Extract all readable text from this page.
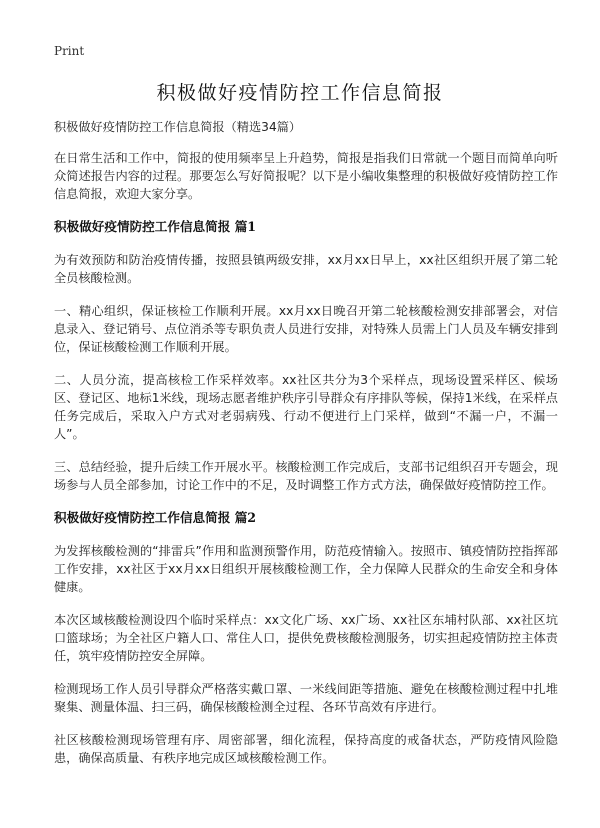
Print
积极做好疫情防控工作信息简报

积极做好疫情防控工作信息简报（精选34篇）

在日常生活和工作中，简报的使用频率呈上升趋势，简报是指我们日常就一个题目而简单向听众简述报告内容的过程。那要怎么写好简报呢？以下是小编收集整理的积极做好疫情防控工作信息简报，欢迎大家分享。

积极做好疫情防控工作信息简报 篇1

为有效预防和防治疫情传播，按照县镇两级安排，xx月xx日早上，xx社区组织开展了第二轮全员核酸检测。

一、精心组织，保证核检工作顺利开展。xx月xx日晚召开第二轮核酸检测安排部署会，对信息录入、登记销号、点位消杀等专职负责人员进行安排，对特殊人员需上门人员及车辆安排到位，保证核酸检测工作顺利开展。

二、人员分流，提高核检工作采样效率。xx社区共分为3个采样点，现场设置采样区、候场区、登记区、地标1米线，现场志愿者维护秩序引导群众有序排队等候，保持1米线，在采样点任务完成后，采取入户方式对老弱病残、行动不便进行上门采样，做到“不漏一户，不漏一人”。

三、总结经验，提升后续工作开展水平。核酸检测工作完成后，支部书记组织召开专题会，现场参与人员全部参加，讨论工作中的不足，及时调整工作方式方法，确保做好疫情防控工作。

积极做好疫情防控工作信息简报 篇2

为发挥核酸检测的“排雷兵”作用和监测预警作用，防范疫情输入。按照市、镇疫情防控指挥部工作安排，xx社区于xx月xx日组织开展核酸检测工作，全力保障人民群众的生命安全和身体健康。

本次区域核酸检测设四个临时采样点：xx文化广场、xx广场、xx社区东埔村队部、xx社区坑口篮球场；为全社区户籍人口、常住人口，提供免费核酸检测服务，切实担起疫情防控主体责任，筑牢疫情防控安全屏障。

检测现场工作人员引导群众严格落实戴口罩、一米线间距等措施、避免在核酸检测过程中扎堆聚集、测量体温、扫三码，确保核酸检测全过程、各环节高效有序进行。

社区核酸检测现场管理有序、周密部署，细化流程，保持高度的戒备状态，严防疫情风险隐患，确保高质量、有秩序地完成区域核酸检测工作。
